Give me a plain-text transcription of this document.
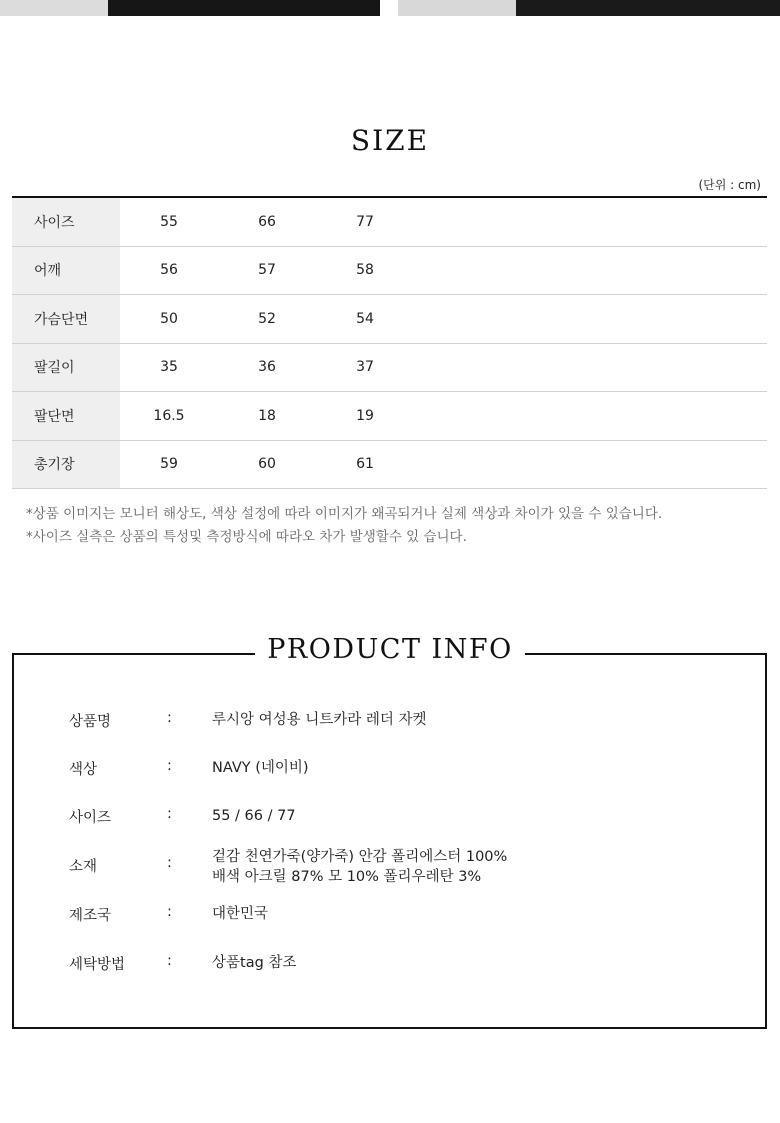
SIZE
(단위 : cm)
사이즈	55	66	77	
어깨	56	57	58	
가슴단면	50	52	54	
팔길이	35	36	37	
팔단면	16.5	18	19	
총기장	59	60	61	
*상품 이미지는 모니터 해상도, 색상 설정에 따라 이미지가 왜곡되거나 실제 색상과 차이가 있을 수 있습니다.
*사이즈 실측은 상품의 특성및 측정방식에 따라오 차가 발생할수 있 습니다.
PRODUCT INFO
상품명	:	루시앙 여성용 니트카라 레더 자켓
색상	:	NAVY (네이비)
사이즈	:	55 / 66 / 77
소재	:	겉감 천연가죽(양가죽) 안감 폴리에스터 100%
배색 아크릴 87% 모 10% 폴리우레탄 3%
제조국	:	대한민국
세탁방법	:	상품tag 참조
